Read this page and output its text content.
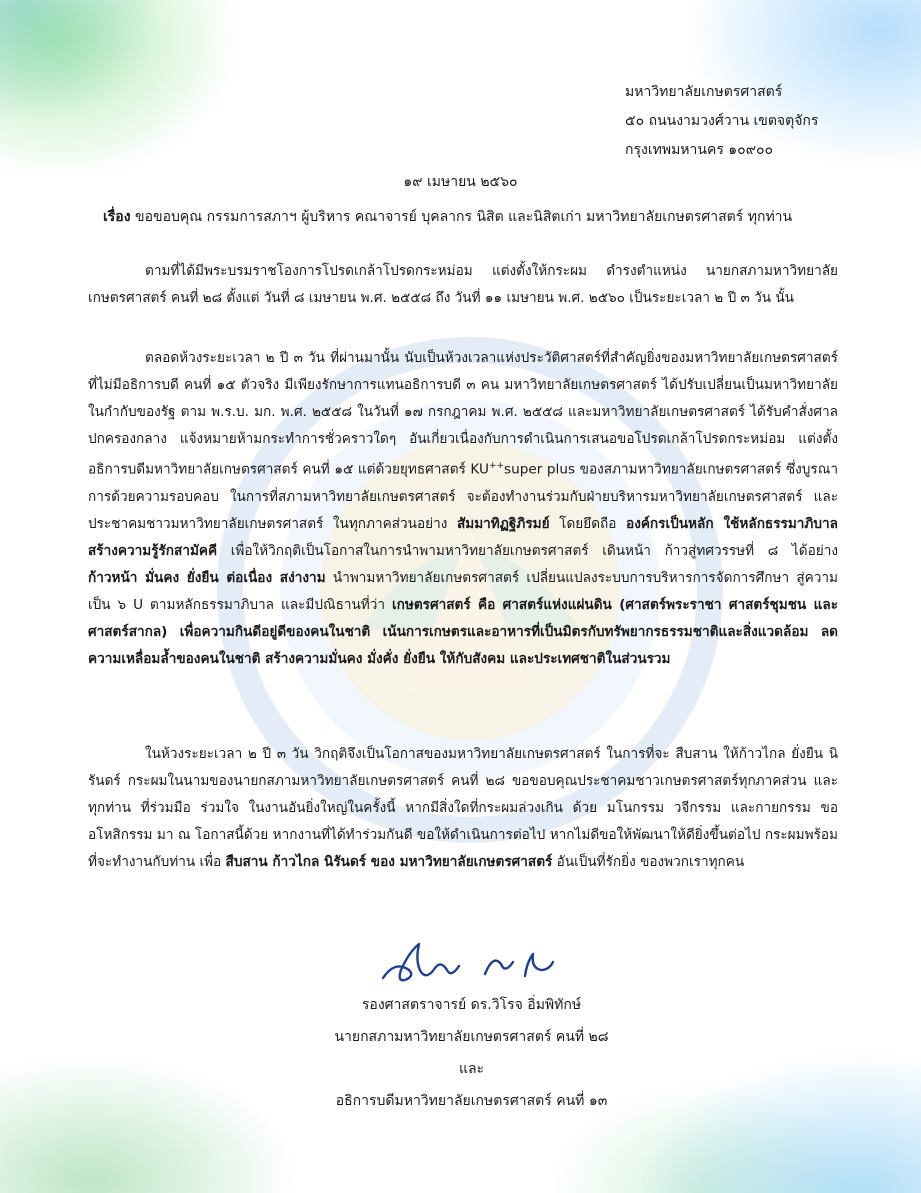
มหาวิทยาลัยเกษตรศาสตร์
๕๐ ถนนงามวงศ์วาน เขตจตุจักร
กรุงเทพมหานคร ๑๐๙๐๐
๑๙ เมษายน ๒๕๖๐
เรื่อง ขอขอบคุณ กรรมการสภาฯ ผู้บริหาร คณาจารย์ บุคลากร นิสิต และนิสิตเก่า มหาวิทยาลัยเกษตรศาสตร์ ทุกท่าน
ตามที่ได้มีพระบรมราชโองการโปรดเกล้าโปรดกระหม่อม แต่งตั้งให้กระผม ดำรงตำแหน่ง นายกสภามหาวิทยาลัยเกษตรศาสตร์ คนที่ ๒๘ ตั้งแต่ วันที่ ๘ เมษายน พ.ศ. ๒๕๕๘ ถึง วันที่ ๑๑ เมษายน พ.ศ. ๒๕๖๐ เป็นระยะเวลา ๒ ปี ๓ วัน นั้น
ตลอดห้วงระยะเวลา ๒ ปี ๓ วัน ที่ผ่านมานั้น นับเป็นห้วงเวลาแห่งประวัติศาสตร์ที่สำคัญยิ่งของมหาวิทยาลัยเกษตรศาสตร์ ที่ไม่มีอธิการบดี คนที่ ๑๕ ตัวจริง มีเพียงรักษาการแทนอธิการบดี ๓ คน มหาวิทยาลัยเกษตรศาสตร์ ได้ปรับเปลี่ยนเป็นมหาวิทยาลัยในกำกับของรัฐ ตาม พ.ร.บ. มก. พ.ศ. ๒๕๕๘ ในวันที่ ๑๗ กรกฎาคม พ.ศ. ๒๕๕๘ และมหาวิทยาลัยเกษตรศาสตร์ ได้รับคำสั่งศาลปกครองกลาง แจ้งหมายห้ามกระทำการชั่วคราวใดๆ อันเกี่ยวเนื่องกับการดำเนินการเสนอขอโปรดเกล้าโปรดกระหม่อม แต่งตั้งอธิการบดีมหาวิทยาลัยเกษตรศาสตร์ คนที่ ๑๕ แต่ด้วยยุทธศาสตร์ KU++super plus ของสภามหาวิทยาลัยเกษตรศาสตร์ ซึ่งบูรณาการด้วยความรอบคอบ ในการที่สภามหาวิทยาลัยเกษตรศาสตร์ จะต้องทำงานร่วมกับฝ่ายบริหารมหาวิทยาลัยเกษตรศาสตร์ และประชาคมชาวมหาวิทยาลัยเกษตรศาสตร์ ในทุกภาคส่วนอย่าง สัมมาทิฏฐิภิรมย์ โดยยึดถือ องค์กรเป็นหลัก ใช้หลักธรรมาภิบาล สร้างความรู้รักสามัคคี เพื่อให้วิกฤติเป็นโอกาสในการนำพามหาวิทยาลัยเกษตรศาสตร์ เดินหน้า ก้าวสู่ทศวรรษที่ ๘ ได้อย่าง ก้าวหน้า มั่นคง ยั่งยืน ต่อเนื่อง สง่างาม นำพามหาวิทยาลัยเกษตรศาสตร์ เปลี่ยนแปลงระบบการบริหารการจัดการศึกษา สู่ความเป็น ๖ U ตามหลักธรรมาภิบาล และมีปณิธานที่ว่า เกษตรศาสตร์ คือ ศาสตร์แห่งแผ่นดิน (ศาสตร์พระราชา ศาสตร์ชุมชน และศาสตร์สากล) เพื่อความกินดีอยู่ดีของคนในชาติ เน้นการเกษตรและอาหารที่เป็นมิตรกับทรัพยากรธรรมชาติและสิ่งแวดล้อม ลดความเหลื่อมล้ำของคนในชาติ สร้างความมั่นคง มั่งคั่ง ยั่งยืน ให้กับสังคม และประเทศชาติในส่วนรวม
ในห้วงระยะเวลา ๒ ปี ๓ วัน วิกฤติจึงเป็นโอกาสของมหาวิทยาลัยเกษตรศาสตร์ ในการที่จะ สืบสาน ให้ก้าวไกล ยั่งยืน นิรันดร์ กระผมในนามของนายกสภามหาวิทยาลัยเกษตรศาสตร์ คนที่ ๒๘ ขอขอบคุณประชาคมชาวเกษตรศาสตร์ทุกภาคส่วน และทุกท่าน ที่ร่วมมือ ร่วมใจ ในงานอันยิ่งใหญ่ในครั้งนี้ หากมีสิ่งใดที่กระผมล่วงเกิน ด้วย มโนกรรม วจีกรรม และกายกรรม ขออโหสิกรรม มา ณ โอกาสนี้ด้วย หากงานที่ได้ทำร่วมกันดี ขอให้ดำเนินการต่อไป หากไม่ดีขอให้พัฒนาให้ดียิ่งขึ้นต่อไป กระผมพร้อมที่จะทำงานกับท่าน เพื่อ สืบสาน ก้าวไกล นิรันดร์ ของ มหาวิทยาลัยเกษตรศาสตร์ อันเป็นที่รักยิ่ง ของพวกเราทุกคน
รองศาสตราจารย์ ดร.วิโรจ อิ่มพิทักษ์
นายกสภามหาวิทยาลัยเกษตรศาสตร์ คนที่ ๒๘
และ
อธิการบดีมหาวิทยาลัยเกษตรศาสตร์ คนที่ ๑๓
